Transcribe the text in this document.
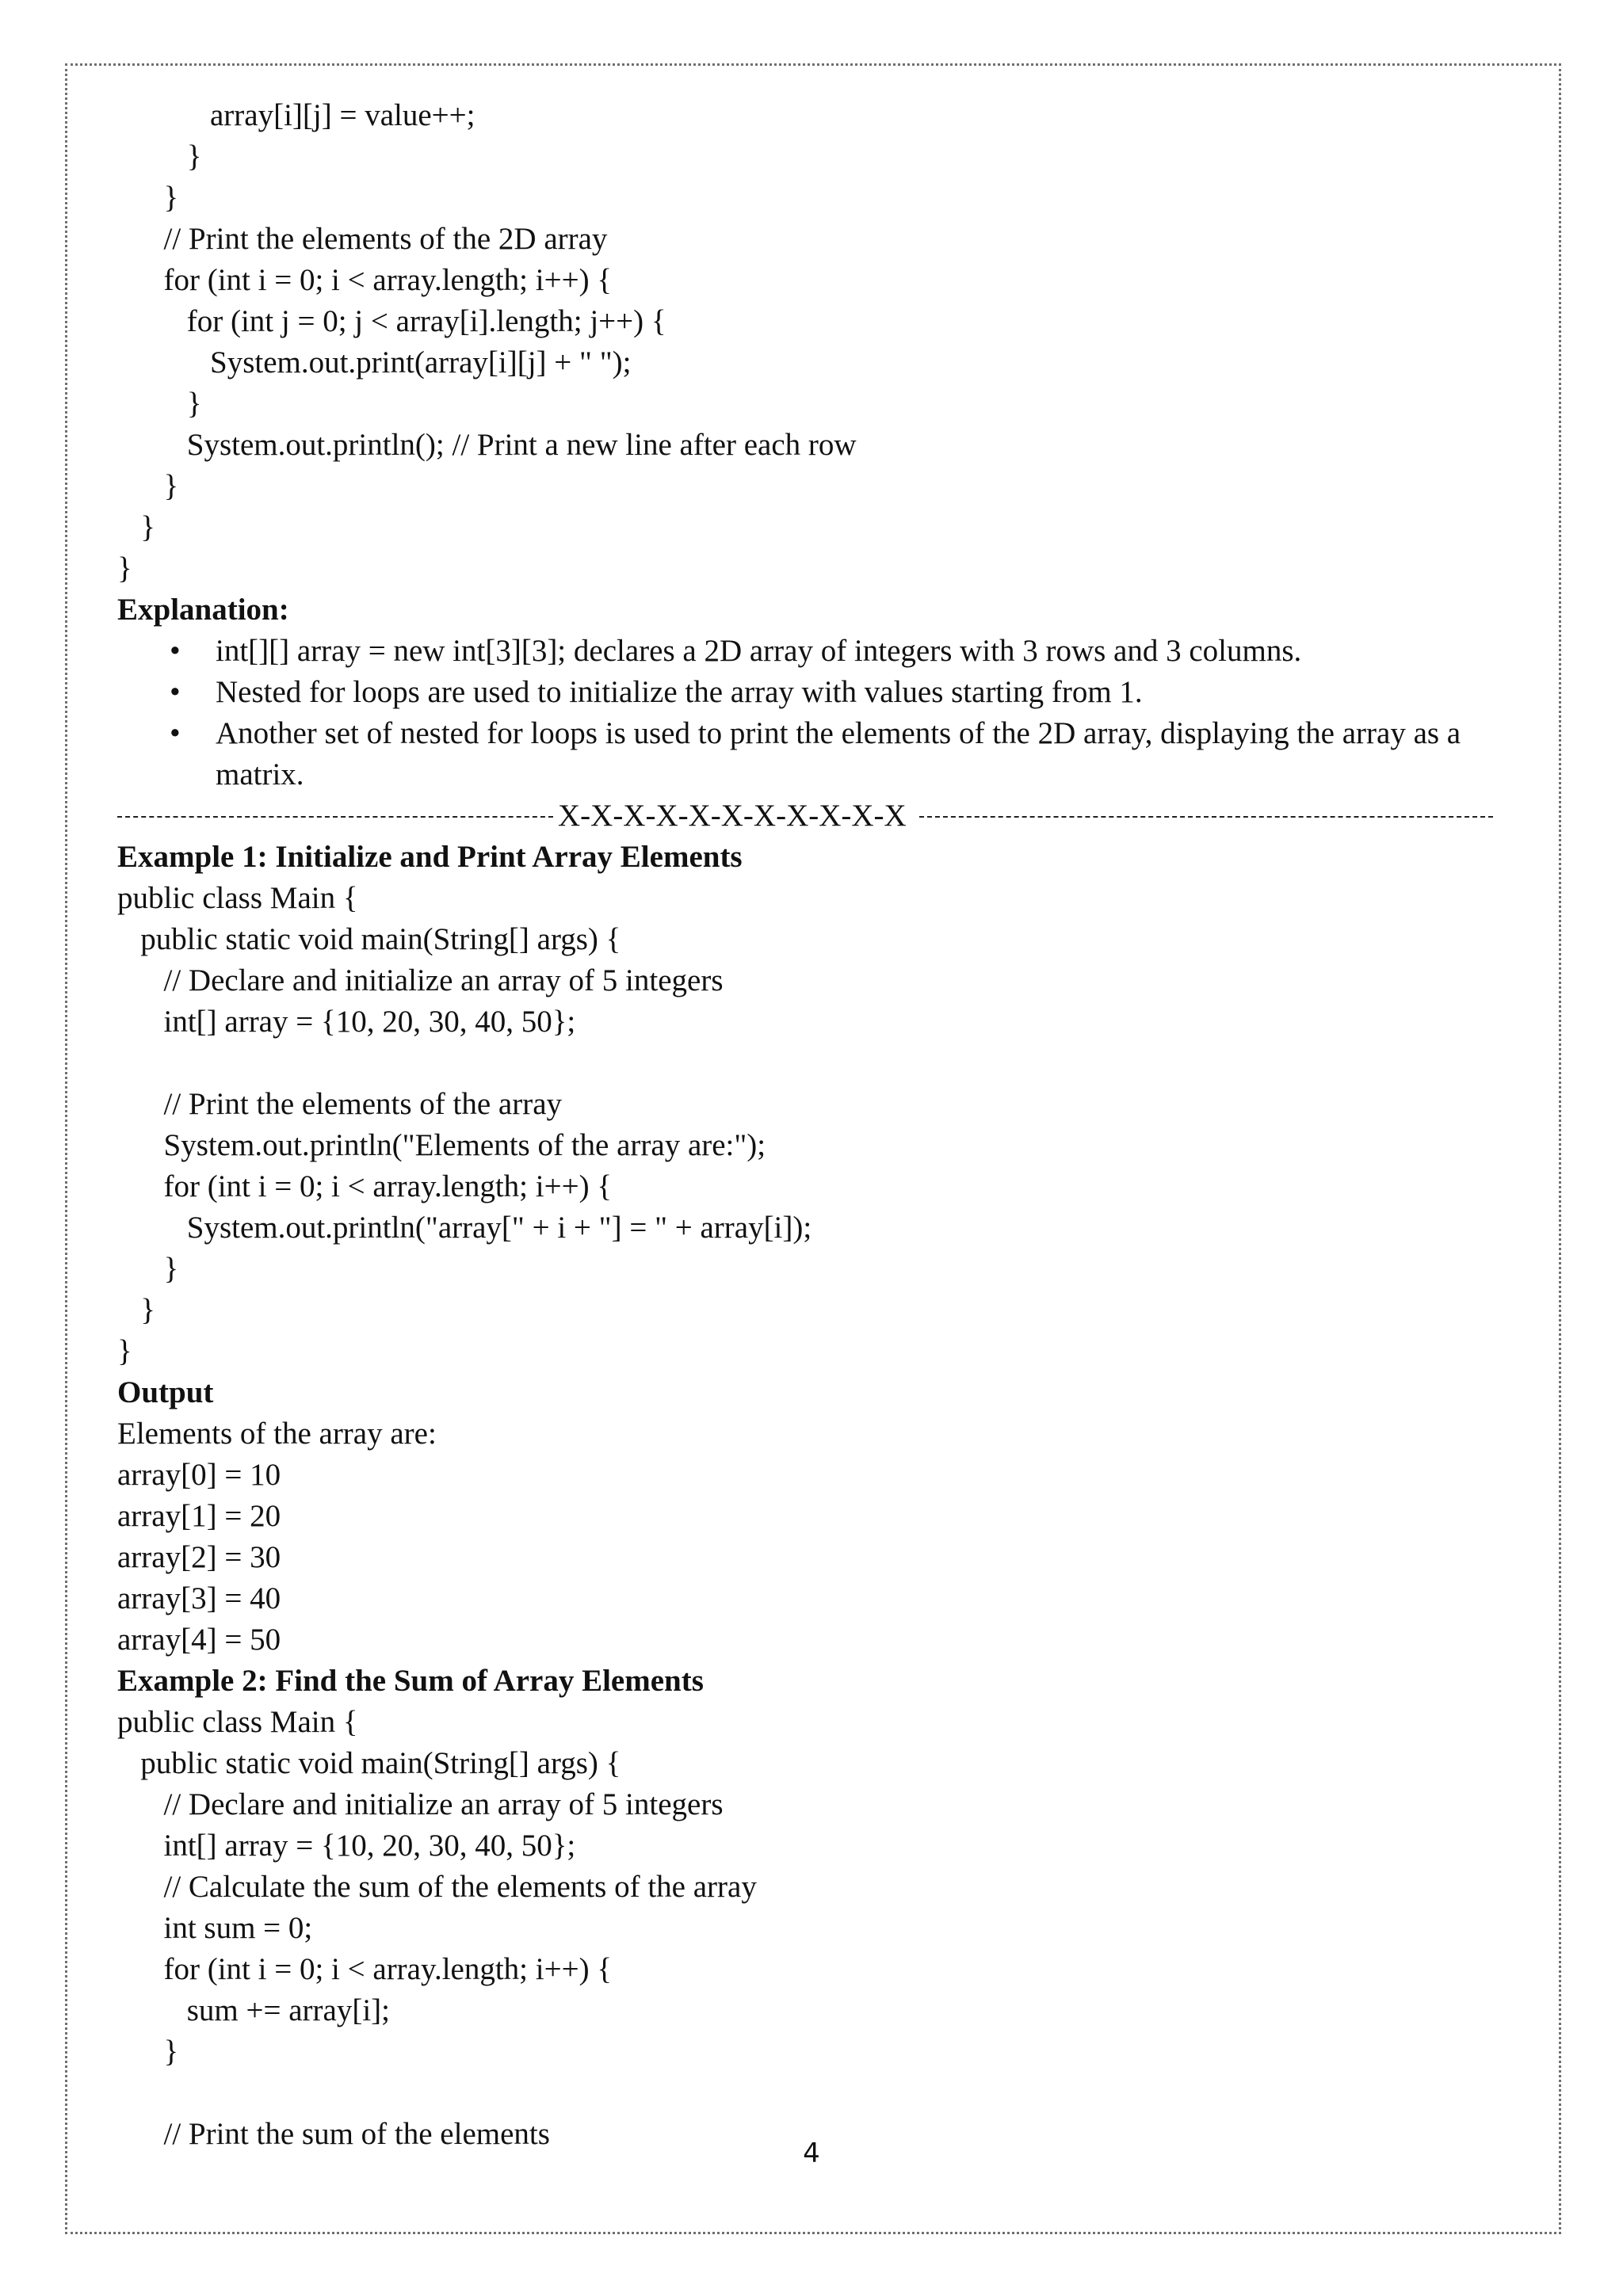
array[i][j] = value++;
}
}
// Print the elements of the 2D array
for (int i = 0; i < array.length; i++) {
for (int j = 0; j < array[i].length; j++) {
System.out.print(array[i][j] + " ");
}
System.out.println(); // Print a new line after each row
}
}
}
Explanation:
• int[][] array = new int[3][3]; declares a 2D array of integers with 3 rows and 3 columns.
• Nested for loops are used to initialize the array with values starting from 1.
• Another set of nested for loops is used to print the elements of the 2D array, displaying the array as a matrix.
X-X-X-X-X-X-X-X-X-X-X
Example 1: Initialize and Print Array Elements
public class Main {
public static void main(String[] args) {
// Declare and initialize an array of 5 integers
int[] array = {10, 20, 30, 40, 50};
// Print the elements of the array
System.out.println("Elements of the array are:");
for (int i = 0; i < array.length; i++) {
System.out.println("array[" + i + "] = " + array[i]);
}
}
}
Output
Elements of the array are:
array[0] = 10
array[1] = 20
array[2] = 30
array[3] = 40
array[4] = 50
Example 2: Find the Sum of Array Elements
public class Main {
public static void main(String[] args) {
// Declare and initialize an array of 5 integers
int[] array = {10, 20, 30, 40, 50};
// Calculate the sum of the elements of the array
int sum = 0;
for (int i = 0; i < array.length; i++) {
sum += array[i];
}
// Print the sum of the elements
4
